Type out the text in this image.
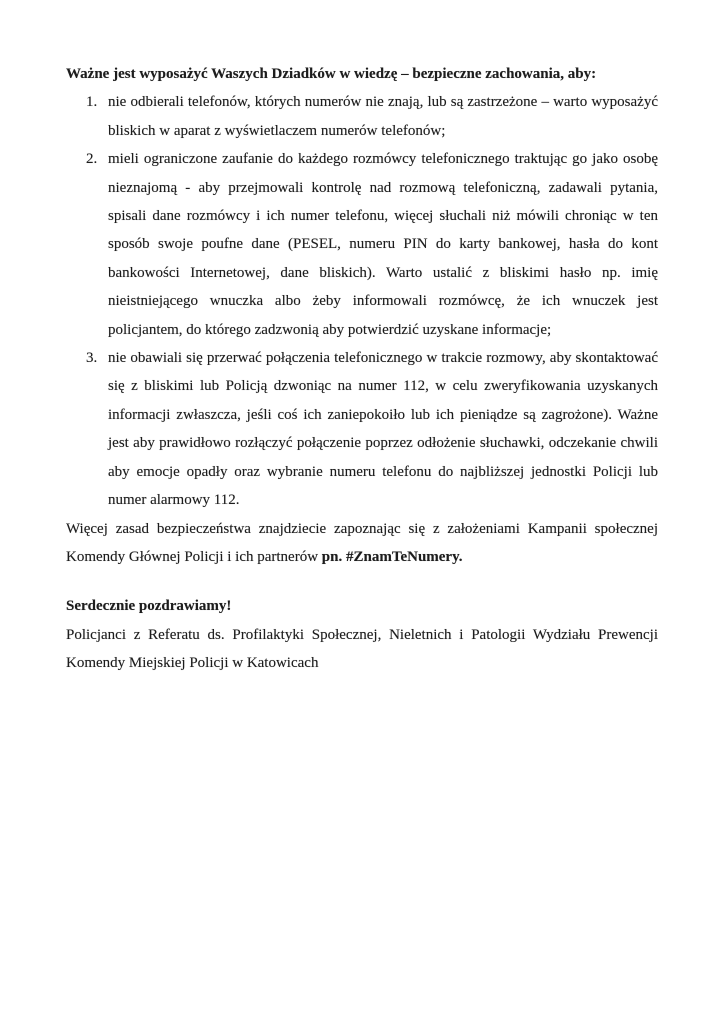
Ważne jest wyposażyć Waszych Dziadków w wiedzę – bezpieczne zachowania, aby:

1. nie odbierali telefonów, których numerów nie znają, lub są zastrzeżone – warto wyposażyć bliskich w aparat z wyświetlaczem numerów telefonów;
2. mieli ograniczone zaufanie do każdego rozmówcy telefonicznego traktując go jako osobę nieznajomą - aby przejmowali kontrolę nad rozmową telefoniczną, zadawali pytania, spisali dane rozmówcy i ich numer telefonu, więcej słuchali niż mówili chroniąc w ten sposób swoje poufne dane (PESEL, numeru PIN do karty bankowej, hasła do kont bankowości Internetowej, dane bliskich). Warto ustalić z bliskimi hasło np. imię nieistniejącego wnuczka albo żeby informowali rozmówcę, że ich wnuczek jest policjantem, do którego zadzwonią aby potwierdzić uzyskane informacje;
3. nie obawiali się przerwać połączenia telefonicznego w trakcie rozmowy, aby skontaktować się z bliskimi lub Policją dzwoniąc na numer 112, w celu zweryfikowania uzyskanych informacji zwłaszcza, jeśli coś ich zaniepokoiło lub ich pieniądze są zagrożone). Ważne jest aby prawidłowo rozłączyć połączenie poprzez odłożenie słuchawki, odczekanie chwili aby emocje opadły oraz wybranie numeru telefonu do najbliższej jednostki Policji lub numer alarmowy 112.

Więcej zasad bezpieczeństwa znajdziecie zapoznając się z założeniami Kampanii społecznej Komendy Głównej Policji i ich partnerów pn. #ZnamTeNumery.

Serdecznie pozdrawiamy!

Policjanci z Referatu ds. Profilaktyki Społecznej, Nieletnich i Patologii Wydziału Prewencji Komendy Miejskiej Policji w Katowicach
